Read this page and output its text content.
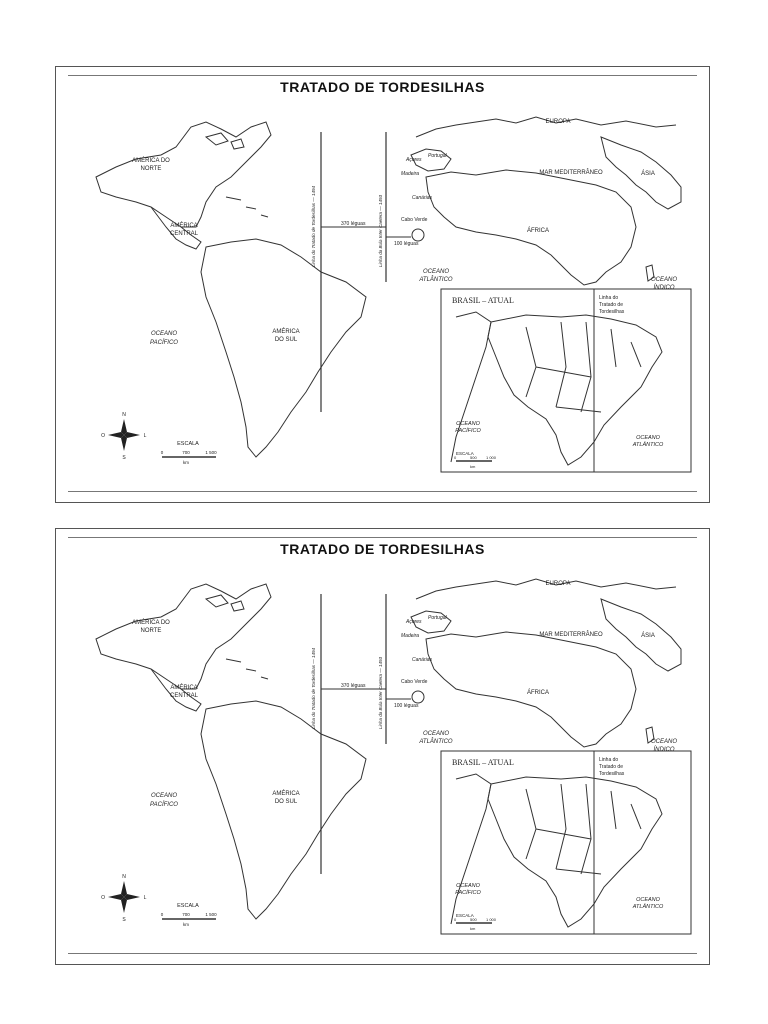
TRATADO DE TORDESILHAS
AMÉRICA DO
NORTE
AMÉRICA
CENTRAL
AMÉRICA
DO SUL
OCEANO
PACÍFICO
OCEANO
ATLÂNTICO	OCEANO
ÍNDICO
EUROPA
ÁSIA
ÁFRICA
MAR MEDITERRÂNEO
Portugal
Açores
Madeira
Canárias
Cabo Verde
370 léguas
100 léguas
Linha do Tratado de Tordesilhas — 1494	Linha da Bula Inter Caetera — 1493
BRASIL – ATUAL	Linha do
Tratado de
Tordesilhas
OCEANO
PACÍFICO
OCEANO
ATLÂNTICO
ESCALA
0	500 1 000
km
N
S
L
O
ESCALA
0	700	1 500
km
TRATADO DE TORDESILHAS
AMÉRICA DO
NORTE
AMÉRICA
CENTRAL
AMÉRICA
DO SUL
OCEANO
PACÍFICO
OCEANO
ATLÂNTICO	OCEANO
ÍNDICO
EUROPA
ÁSIA
ÁFRICA
MAR MEDITERRÂNEO
Portugal
Açores
Madeira
Canárias
Cabo Verde
370 léguas
100 léguas
Linha do Tratado de Tordesilhas — 1494	Linha da Bula Inter Caetera — 1493
BRASIL – ATUAL	Linha do
Tratado de
Tordesilhas
OCEANO
PACÍFICO
OCEANO
ATLÂNTICO
ESCALA
0	500 1 000
km
N
S
L
O
ESCALA
0	700	1 500
km
